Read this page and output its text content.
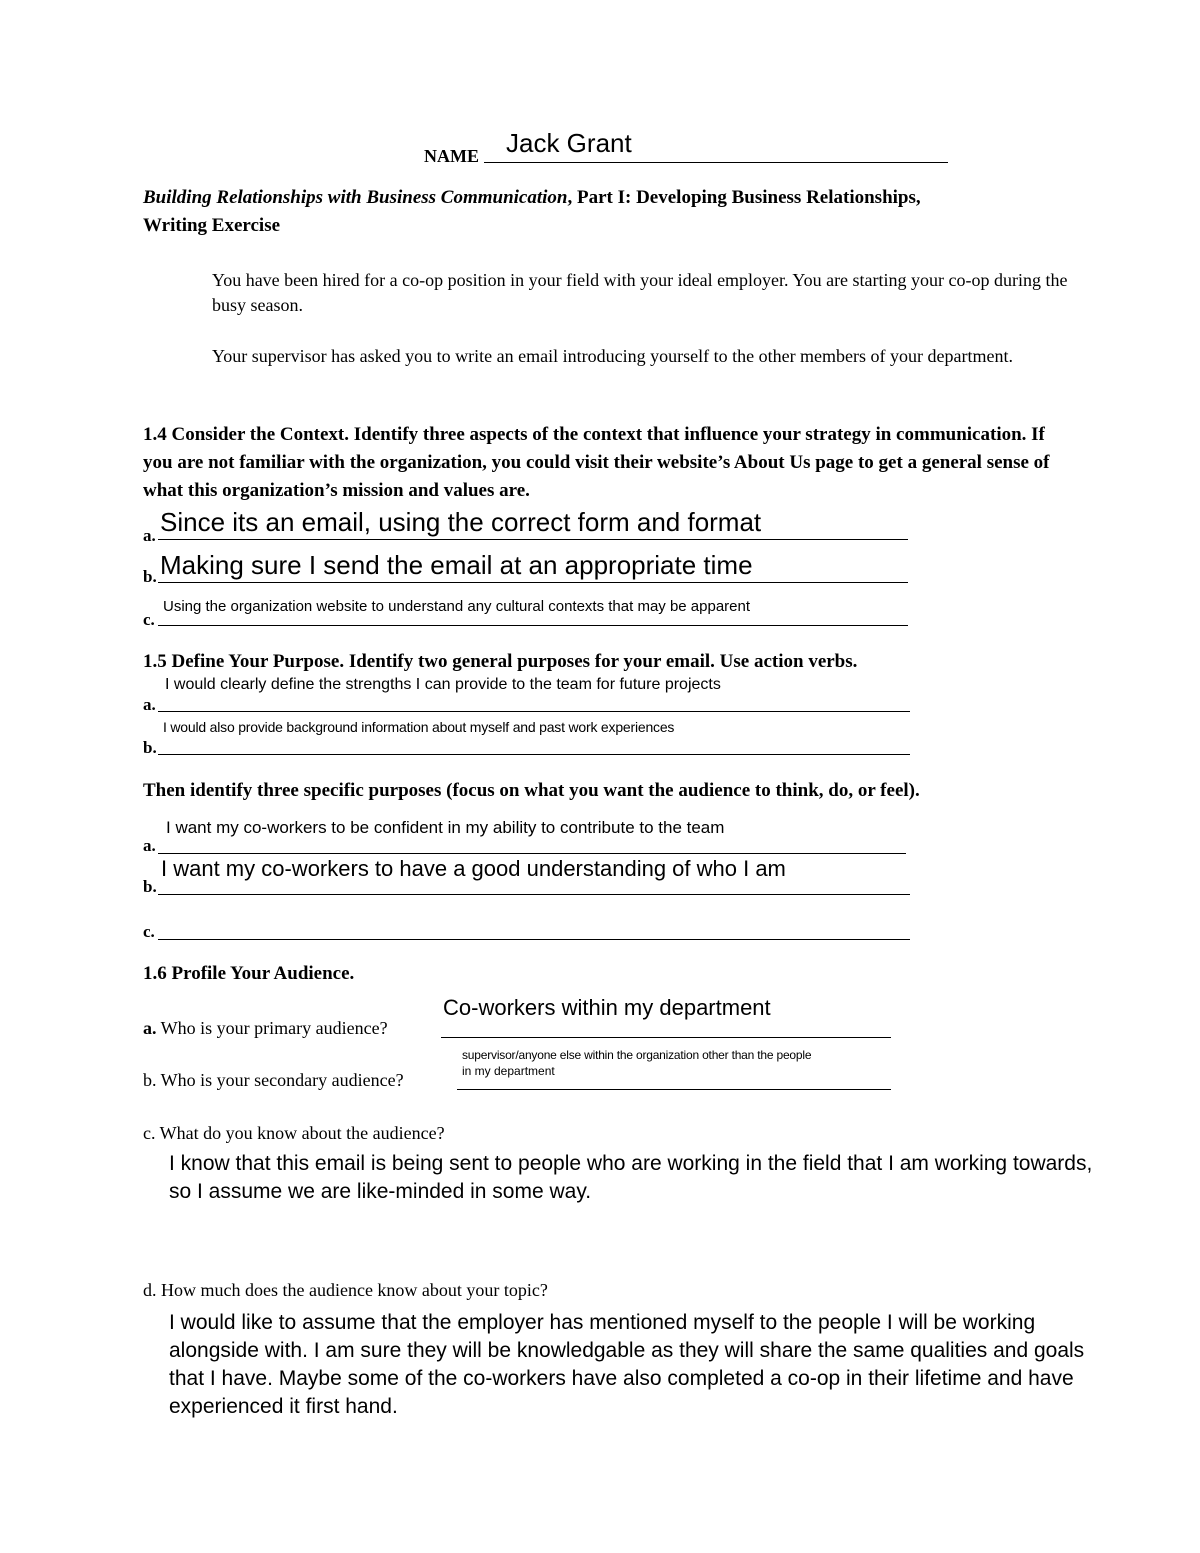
NAME Jack Grant
Building Relationships with Business Communication, Part I: Developing Business Relationships, Writing Exercise
You have been hired for a co-op position in your field with your ideal employer. You are starting your co-op during the busy season.
Your supervisor has asked you to write an email introducing yourself to the other members of your department.
1.4 Consider the Context. Identify three aspects of the context that influence your strategy in communication. If you are not familiar with the organization, you could visit their website’s About Us page to get a general sense of what this organization’s mission and values are.
a. Since its an email, using the correct form and format
b. Making sure I send the email at an appropriate time
c.
Using the organization website to understand any cultural contexts that may be apparent
1.5 Define Your Purpose. Identify two general purposes for your email. Use action verbs.
I would clearly define the strengths I can provide to the team for future projects
a.
I would also provide background information about myself and past work experiences
b.
Then identify three specific purposes (focus on what you want the audience to think, do, or feel).
I want my co-workers to be confident in my ability to contribute to the team
a.
I want my co-workers to have a good understanding of who I am
b.
c.
1.6 Profile Your Audience.
Co-workers within my department
a. Who is your primary audience?
supervisor/anyone else within the organization other than the people
in my department
b. Who is your secondary audience?
c. What do you know about the audience?
I know that this email is being sent to people who are working in the field that I am working towards, so I assume we are like-minded in some way.
d. How much does the audience know about your topic?
I would like to assume that the employer has mentioned myself to the people I will be working alongside with. I am sure they will be knowledgable as they will share the same qualities and goals that I have. Maybe some of the co-workers have also completed a co-op in their lifetime and have experienced it first hand.
